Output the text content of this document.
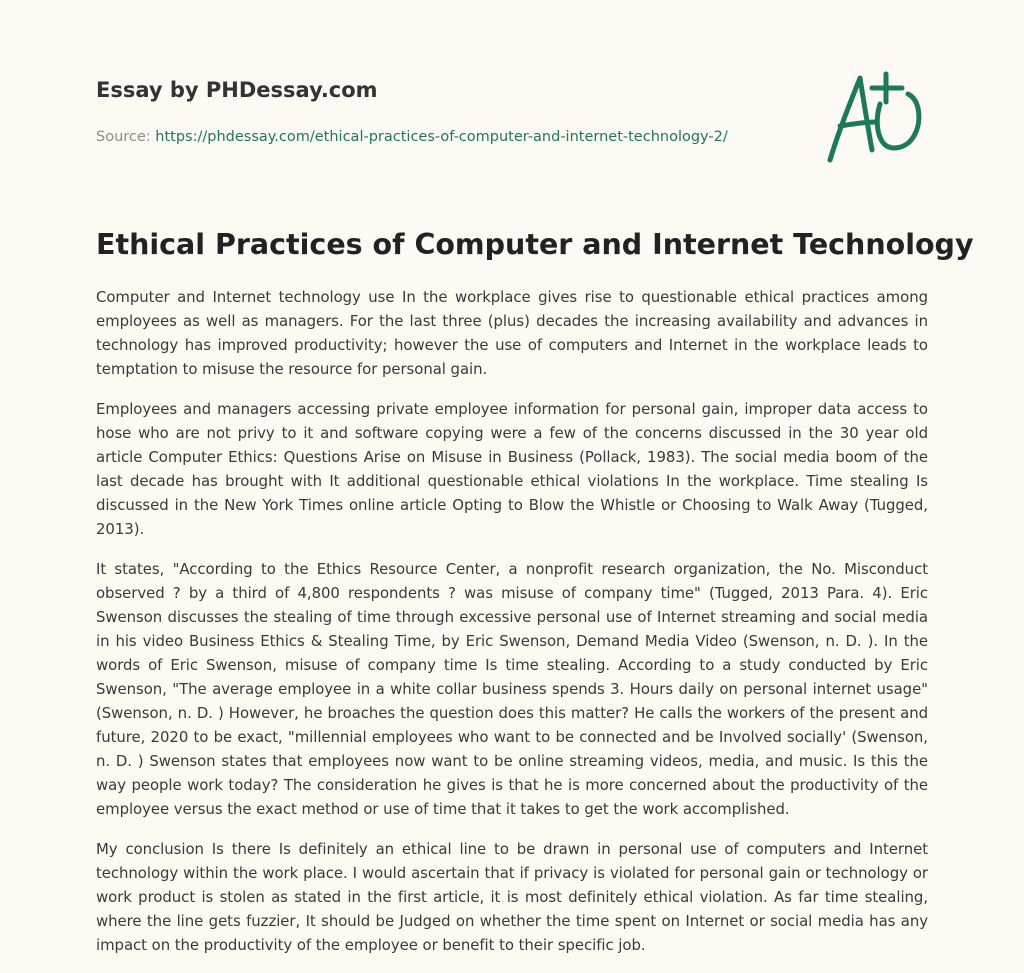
Essay by PHDessay.com
Source: https://phdessay.com/ethical-practices-of-computer-and-internet-technology-2/
Ethical Practices of Computer and Internet Technology

Computer and Internet technology use In the workplace gives rise to questionable ethical practices among employees as well as managers. For the last three (plus) decades the increasing availability and advances in technology has improved productivity; however the use of computers and Internet in the workplace leads to temptation to misuse the resource for personal gain.

Employees and managers accessing private employee information for personal gain, improper data access to hose who are not privy to it and software copying were a few of the concerns discussed in the 30 year old article Computer Ethics: Questions Arise on Misuse in Business (Pollack, 1983). The social media boom of the last decade has brought with It additional questionable ethical violations In the workplace. Time stealing Is discussed in the New York Times online article Opting to Blow the Whistle or Choosing to Walk Away (Tugged, 2013).

It states, "According to the Ethics Resource Center, a nonprofit research organization, the No. Misconduct observed ? by a third of 4,800 respondents ? was misuse of company time" (Tugged, 2013 Para. 4). Eric Swenson discusses the stealing of time through excessive personal use of Internet streaming and social media in his video Business Ethics & Stealing Time, by Eric Swenson, Demand Media Video (Swenson, n. D. ). In the words of Eric Swenson, misuse of company time Is time stealing. According to a study conducted by Eric Swenson, "The average employee in a white collar business spends 3. Hours daily on personal internet usage" (Swenson, n. D. ) However, he broaches the question does this matter? He calls the workers of the present and future, 2020 to be exact, "millennial employees who want to be connected and be Involved socially' (Swenson, n. D. ) Swenson states that employees now want to be online streaming videos, media, and music. Is this the way people work today? The consideration he gives is that he is more concerned about the productivity of the employee versus the exact method or use of time that it takes to get the work accomplished.

My conclusion Is there Is definitely an ethical line to be drawn in personal use of computers and Internet technology within the work place. I would ascertain that if privacy is violated for personal gain or technology or work product is stolen as stated in the first article, it is most definitely ethical violation. As far time stealing, where the line gets fuzzier, It should be Judged on whether the time spent on Internet or social media has any impact on the productivity of the employee or benefit to their specific job.
